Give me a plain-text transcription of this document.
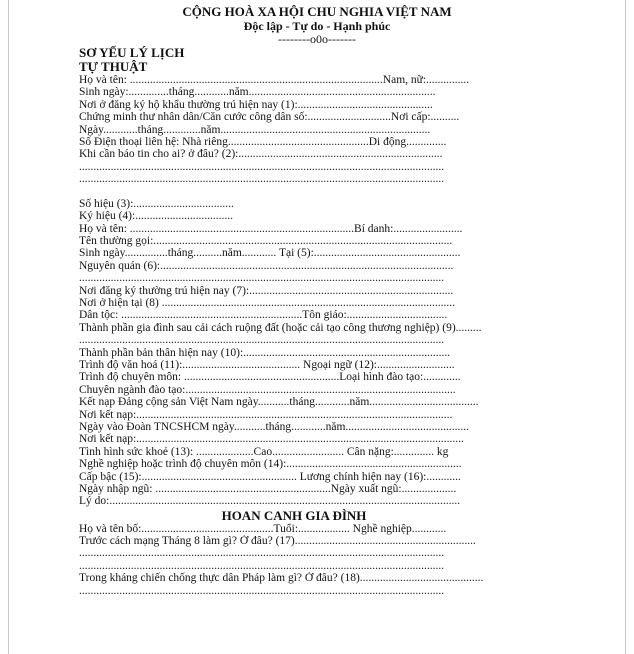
CỘNG HOÀ XA HỘI CHU NGHIA VIỆT NAM
Độc lập - Tự do - Hạnh phúc
--------o0o-------
SƠ YẾU LÝ LỊCH
TỰ THUẬT
Họ và tên: ........................................................................................Nam, nữ:...............
Sinh ngày:..............tháng............năm.................................................................
Nơi ở đăng ký hộ khẩu thường trú hiện nay (1):...............................................
Chứng minh thư nhân dân/Căn cước công dân số:.............................Nơi cấp:..........
Ngày............tháng.............năm.........................................................................
Số Điện thoại liên hệ: Nhà riêng.................................................Di động..............
Khi cần báo tin cho ai? ở đâu? (2):.......................................................................
...............................................................................................................................
...............................................................................................................................
Số hiệu (3):...................................
Ký hiệu (4):..................................
Họ và tên: ..............................................................................Bí danh:........................
Tên thường gọi:........................................................................................................
Sinh ngày...............tháng..........năm............ Tại (5):...................................................
Nguyên quán (6):......................................................................................................
...............................................................................................................................
Nơi đăng ký thường trú hiện nay (7):.......................................................................
Nơi ở hiện tại (8) ......................................................................................................
Dân tộc: ...............................................................Tôn giáo:...................................
Thành phần gia đình sau cải cách ruộng đất (hoặc cải tạo công thương nghiệp) (9).........
...............................................................................................................................
Thành phần bản thân hiện nay (10):........................................................................
Trình độ văn hoá (11):......................................... Ngoại ngữ (12):...........................
Trình độ chuyên môn: ......................................................Loại hình đào tạo:.............
Chuyên ngành đào tạo:..............................................................................................
Kết nạp Đảng cộng sản Việt Nam ngày...........tháng............năm......................................
Nơi kết nạp:..............................................................................................................
Ngày vào Đoàn TNCSHCM ngày...........tháng............năm...........................................
Nơi kết nạp:..................................................................................................................
Tình hình sức khoẻ (13): ....................Cao......................... Cân nặng:.............. kg
Nghề nghiệp hoặc trình độ chuyên môn (14):.............................................................
Cấp bậc (15):...................................................... Lương chính hiện nay (16):............
Ngày nhập ngũ: .............................................................Ngày xuất ngũ:...................
Lý do:..........................................................................................................................
HOAN CANH GIA ĐÌNH
Họ và tên bố:..............................................Tuổi:.................. Nghề nghiệp............
Trước cách mạng Tháng 8 làm gì? Ở đâu? (17)...............................................................
...............................................................................................................................
...............................................................................................................................
Trong kháng chiến chống thực dân Pháp làm gì? Ở đâu? (18)...........................................
...............................................................................................................................
